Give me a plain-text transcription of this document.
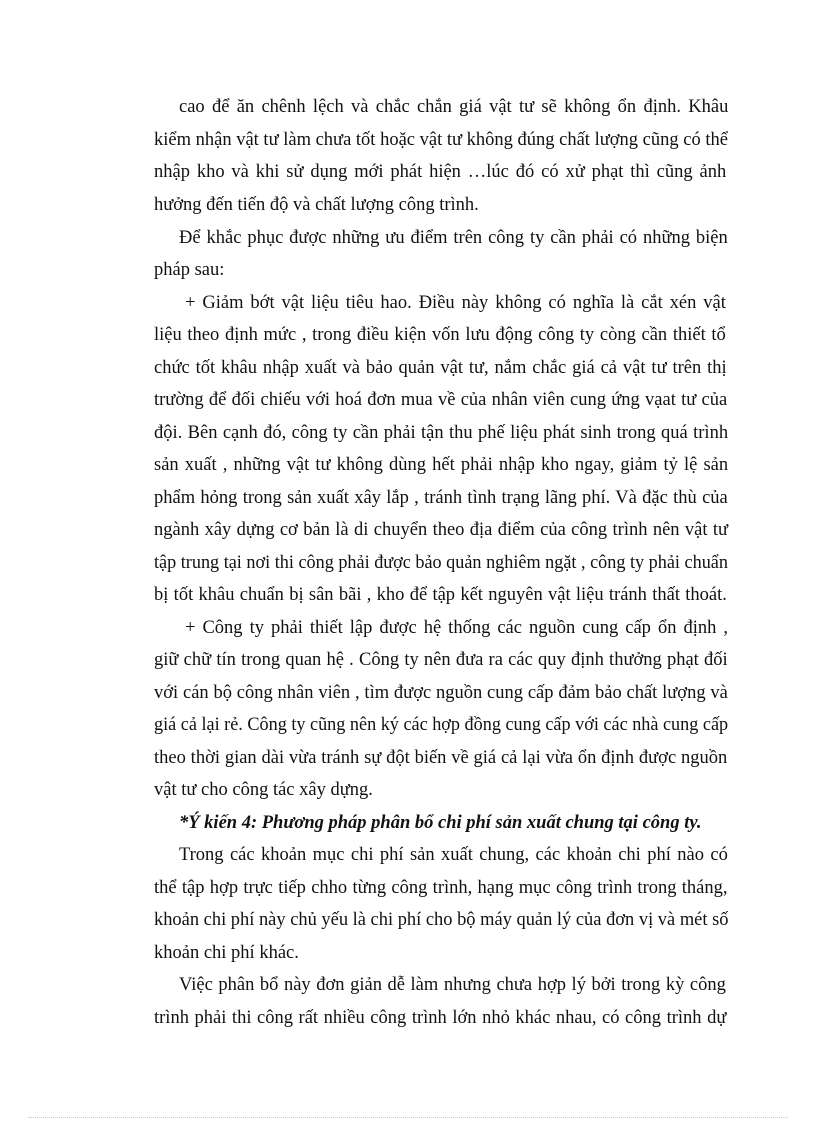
cao để ăn chênh lệch và chắc chắn giá vật tư sẽ không ổn định. Khâu

kiểm nhận vật tư làm chưa tốt hoặc vật tư không đúng chất lượng cũng có thể

nhập kho và khi sử dụng mới phát hiện …lúc đó có xử phạt thì cũng ảnh

hưởng đến tiến độ và chất lượng công trình.

Để khắc phục được những ưu điểm trên công ty cần phải có những biện

pháp sau:

+ Giảm bớt vật liệu tiêu hao. Điều này không có nghĩa là cắt xén vật

liệu theo định mức , trong điều kiện vốn lưu động công ty còng cần thiết tổ

chức tốt khâu nhập xuất và bảo quản vật tư, nắm chắc giá cả vật tư trên thị

trường để đối chiếu với hoá đơn mua về của nhân viên cung ứng vạat tư của

đội. Bên cạnh đó, công ty cần phải tận thu phế liệu phát sinh trong quá trình

sản xuất , những vật tư không dùng hết phải nhập kho ngay, giảm tỷ lệ sản

phẩm hỏng trong sản xuất xây lắp , tránh tình trạng lãng phí. Và đặc thù của

ngành xây dựng cơ bản là di chuyển theo địa điểm của công trình nên vật tư

tập trung tại nơi thi công phải được bảo quản nghiêm ngặt , công ty phải chuẩn

bị tốt khâu chuẩn bị sân bãi , kho để tập kết nguyên vật liệu tránh thất thoát.

+ Công ty phải thiết lập được hệ thống các nguồn cung cấp ổn định ,

giữ chữ tín trong quan hệ . Công ty nên đưa ra các quy định thưởng phạt đối

với cán bộ công nhân viên , tìm được nguồn cung cấp đảm bảo chất lượng và

giá cả lại rẻ. Công ty cũng nên ký các hợp đồng cung cấp với các nhà cung cấp

theo thời gian dài vừa tránh sự đột biến về giá cả lại vừa ổn định được nguồn

vật tư cho công tác xây dựng.

*Ý kiến 4: Phương pháp phân bổ chi phí sản xuất chung tại công ty.

Trong các khoản mục chi phí sản xuất chung, các khoản chi phí nào có

thể tập hợp trực tiếp chho từng công trình, hạng mục công trình trong tháng,

khoản chi phí này chủ yếu là chi phí cho bộ máy quản lý của đơn vị và mét số

khoản chi phí khác.

Việc phân bổ này đơn giản dễ làm nhưng chưa hợp lý bởi trong kỳ công

trình phải thi công rất nhiều công trình lớn nhỏ khác nhau, có công trình dự
